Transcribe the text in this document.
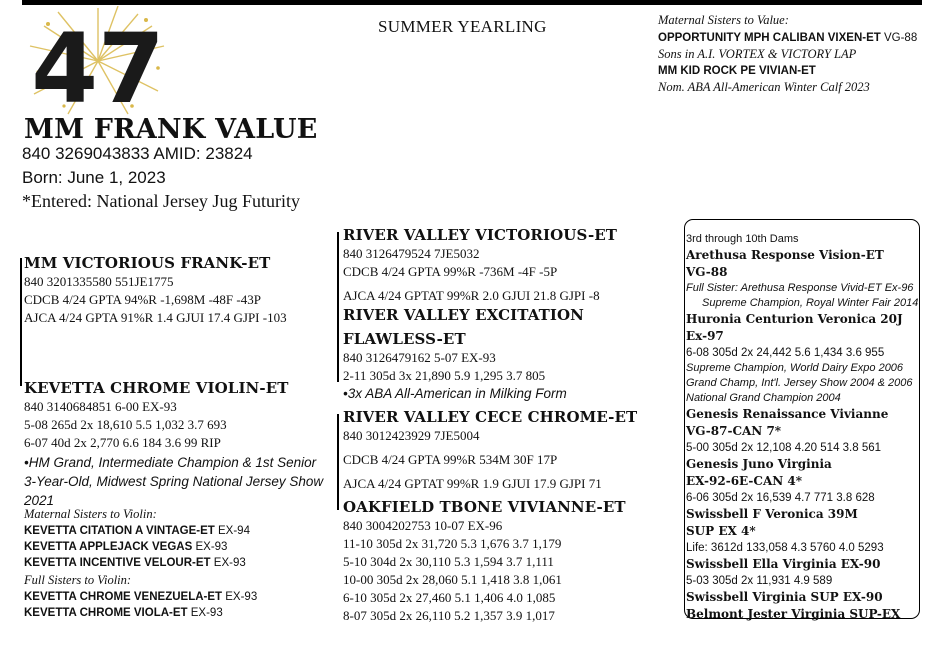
47	SUMMER YEARLING	Maternal Sisters to Value:
OPPORTUNITY MPH CALIBAN VIXEN-ET VG-88
Sons in A.I. VORTEX & VICTORY LAP
MM KID ROCK PE VIVIAN-ET
Nom. ABA All-American Winter Calf 2023
MM FRANK VALUE
840 3269043833 AMID: 23824
Born: June 1, 2023
*Entered: National Jersey Jug Futurity
MM VICTORIOUS FRANK-ET
840 3201335580 551JE1775
CDCB 4/24 GPTA 94%R -1,698M -48F -43P
AJCA 4/24 GPTA 91%R 1.4 GJUI 17.4 GJPI -103
KEVETTA CHROME VIOLIN-ET
840 3140684851 6-00 EX-93
5-08 265d 2x 18,610 5.5 1,032 3.7 693
6-07 40d 2x 2,770 6.6 184 3.6 99 RIP
•HM Grand, Intermediate Champion & 1st Senior 3-Year-Old, Midwest Spring National Jersey Show 2021
Maternal Sisters to Violin:
KEVETTA CITATION A VINTAGE-ET EX-94
KEVETTA APPLEJACK VEGAS EX-93
KEVETTA INCENTIVE VELOUR-ET EX-93
Full Sisters to Violin:
KEVETTA CHROME VENEZUELA-ET EX-93
KEVETTA CHROME VIOLA-ET EX-93
RIVER VALLEY VICTORIOUS-ET
840 3126479524 7JE5032
CDCB 4/24 GPTA 99%R -736M -4F -5P
AJCA 4/24 GPTAT 99%R 2.0 GJUI 21.8 GJPI -8
RIVER VALLEY EXCITATION
FLAWLESS-ET
840 3126479162 5-07 EX-93
2-11 305d 3x 21,890 5.9 1,295 3.7 805
•3x ABA All-American in Milking Form
RIVER VALLEY CECE CHROME-ET
840 3012423929 7JE5004
CDCB 4/24 GPTA 99%R 534M 30F 17P
AJCA 4/24 GPTAT 99%R 1.9 GJUI 17.9 GJPI 71
OAKFIELD TBONE VIVIANNE-ET
840 3004202753 10-07 EX-96
11-10 305d 2x 31,720 5.3 1,676 3.7 1,179
5-10 304d 2x 30,110 5.3 1,594 3.7 1,111
10-00 305d 2x 28,060 5.1 1,418 3.8 1,061
6-10 305d 2x 27,460 5.1 1,406 4.0 1,085
8-07 305d 2x 26,110 5.2 1,357 3.9 1,017
3rd through 10th Dams
Arethusa Response Vision-ET
VG-88
Full Sister: Arethusa Response Vivid-ET Ex-96
Supreme Champion, Royal Winter Fair 2014
Huronia Centurion Veronica 20J
Ex-97
6-08 305d 2x 24,442 5.6 1,434 3.6 955
Supreme Champion, World Dairy Expo 2006
Grand Champ, Int'l. Jersey Show 2004 & 2006
National Grand Champion 2004
Genesis Renaissance Vivianne
VG-87-CAN 7*
5-00 305d 2x 12,108 4.20 514 3.8 561
Genesis Juno Virginia
EX-92-6E-CAN 4*
6-06 305d 2x 16,539 4.7 771 3.8 628
Swissbell F Veronica 39M
SUP EX 4*
Life: 3612d 133,058 4.3 5760 4.0 5293
Swissbell Ella Virginia EX-90
5-03 305d 2x 11,931 4.9 589
Swissbell Virginia SUP EX-90
Belmont Jester Virginia SUP-EX
